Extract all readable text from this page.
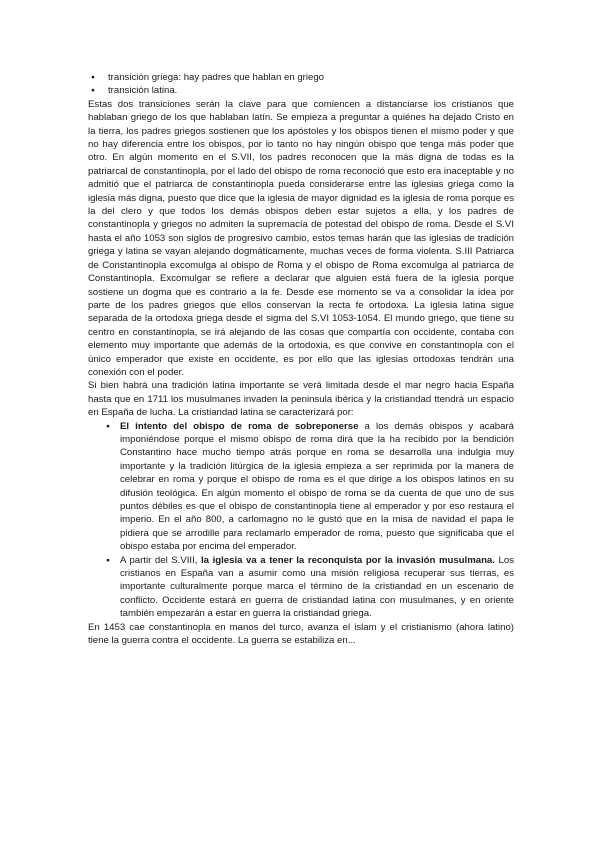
● transición griega: hay padres que hablan en griego
● transición latina.

Estas dos transiciones serán la clave para que comiencen a distanciarse los cristianos que hablaban griego de los que hablaban latín. Se empieza a preguntar a quiénes ha dejado Cristo en la tierra, los padres griegos sostienen que los apóstoles y los obispos tienen el mismo poder y que no hay diferencia entre los obispos, por lo tanto no hay ningún obispo que tenga más poder que otro. En algún momento en el S.VII, los padres reconocen que la más digna de todas es la patriarcal de constantinopla, por el lado del obispo de roma reconoció que esto era inaceptable y no admitió que el patriarca de constantinopla pueda considerarse entre las iglesias griega como la iglesia más digna, puesto que dice que la iglesia de mayor dignidad es la iglesia de roma porque es la del clero y que todos los demás obispos deben estar sujetos a ella, y los padres de constantinopla y griegos no admiten la supremacía de potestad del obispo de roma. Desde el S.VI hasta el año 1053 son siglos de progresivo cambio, estos temas harán que las iglesias de tradición griega y latina se vayan alejando dogmáticamente, muchas veces de forma violenta. S.III Patriarca de Constantinopla excomulga al obispo de Roma y el obispo de Roma excomulga al patriarca de Constantinopla. Excomulgar se refiere a declarar que alguien está fuera de la iglesia porque sostiene un dogma que es contrario a la fe. Desde ese momento se va a consolidar la idea por parte de los padres griegos que ellos conservan la recta fe ortodoxa. La iglesia latina sigue separada de la ortodoxa griega desde el sigma del S.VI 1053-1054. El mundo griego, que tiene su centro en constantinopla, se irá alejando de las cosas que compartía con occidente, contaba con elemento muy importante que además de la ortodoxia, es que convive en constantinopla con el único emperador que existe en occidente, es por ello que las iglesias ortodoxas tendrán una conexión con el poder.

Si bien habrá una tradición latina importante se verá limitada desde el mar negro hacia España hasta que en 1711 los musulmanes invaden la peninsula ibérica y la cristiandad ttendrá un espacio en España de lucha. La cristiandad latina se caracterizará por:

● El intento del obispo de roma de sobreponerse a los demás obispos y acabará imponiéndose porque el mismo obispo de roma dirá que la ha recibido por la bendición Constantino hace mucho tiempo atrás porque en roma se desarrolla una indulgia muy importante y la tradición litúrgica de la iglesia empieza a ser reprimida por la manera de celebrar en roma y porque el obispo de roma es el que dirige a los obispos latinos en su difusión teológica. En algún momento el obispo de roma se da cuenta de que uno de sus puntos débiles es que el obispo de constantinopla tiene al emperador y por eso restaura el imperio. En el año 800, a carlomagno no le gustó que en la misa de navidad el papa le pidiera que se arrodille para reclamarlo emperador de roma, puesto que significaba que el obispo estaba por encima del emperador.
● A partir del S.VIII, la iglesia va a tener la reconquista por la invasión musulmana. Los cristianos en España van a asumir como una misión religiosa recuperar sus tierras, es importante culturalmente porque marca el término de la cristiandad en un escenario de conflicto. Occidente estará en guerra de cristiandad latina con musulmanes, y en oriente también empezarán a estar en guerra la cristiandad griega.

En 1453 cae constantinopla en manos del turco, avanza el islam y el cristianismo (ahora latino) tiene la guerra contra el occidente. La guerra se estabiliza en...
